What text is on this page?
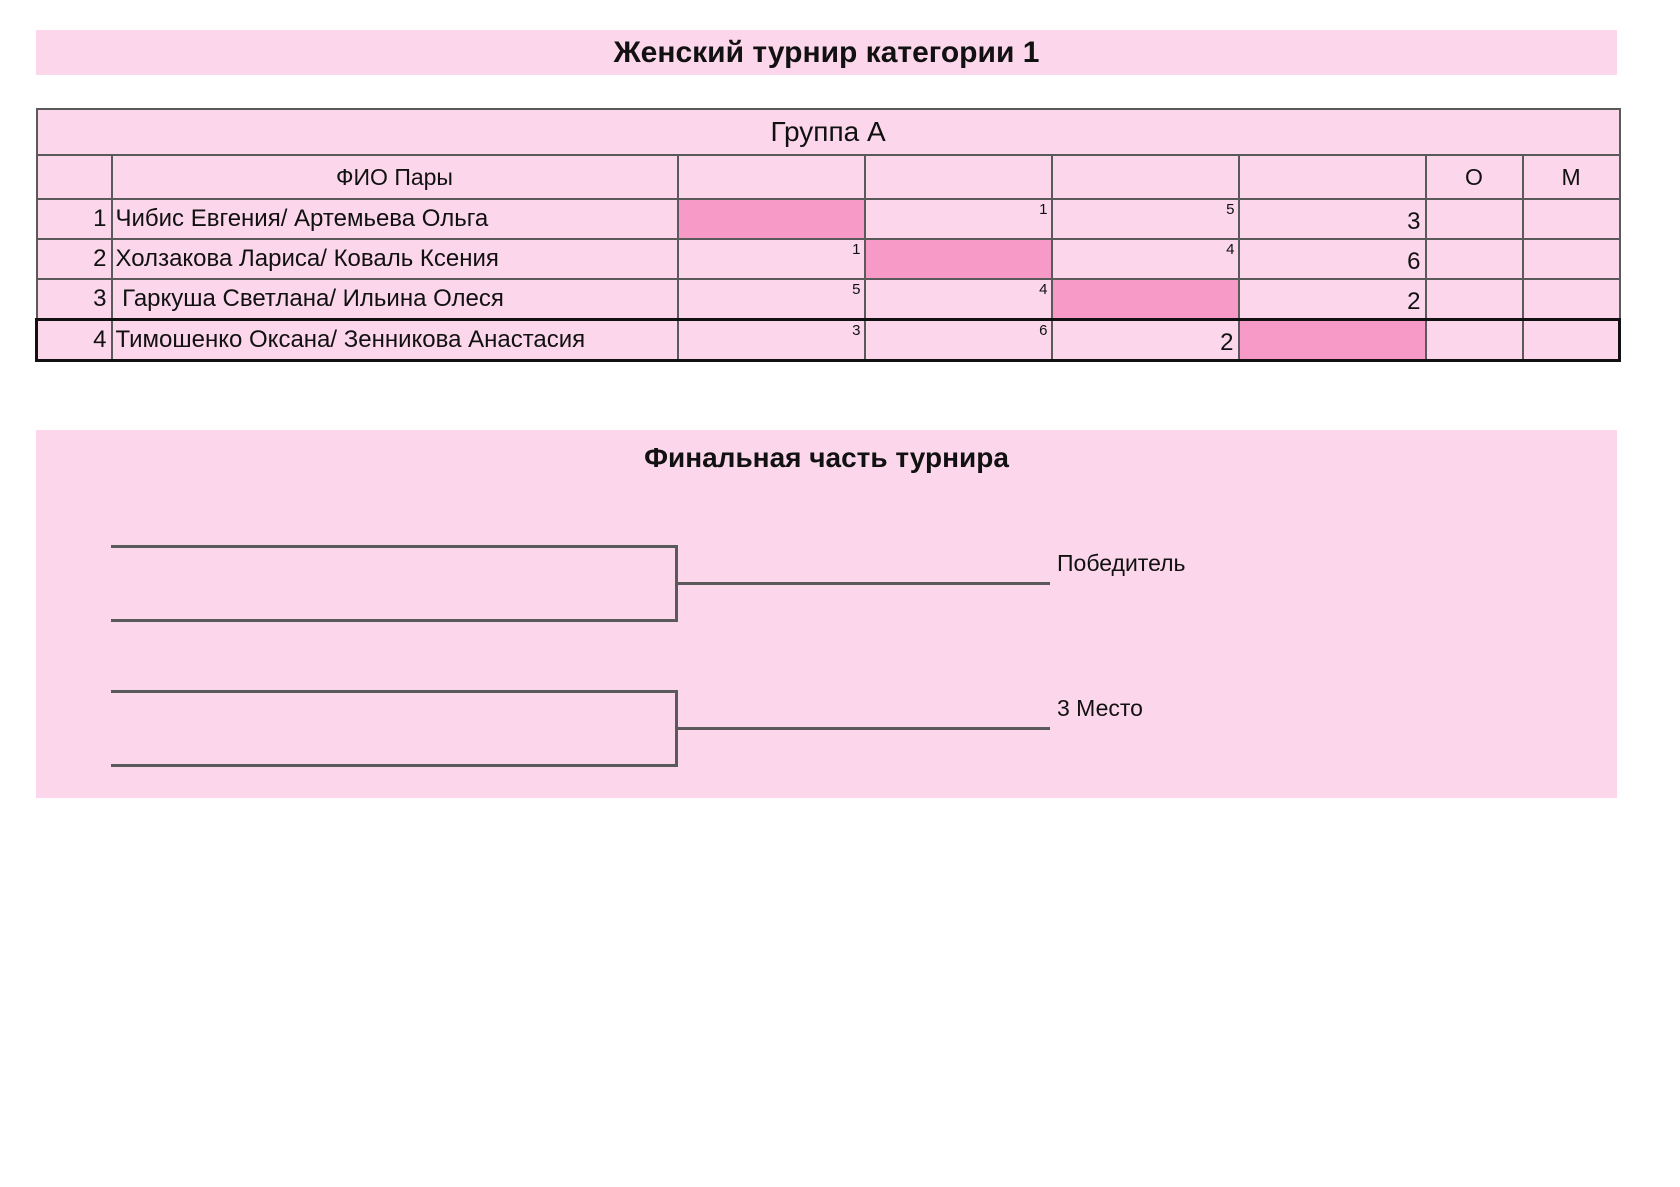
Женский турнир категории 1
Группа А							
	ФИО Пары					О	М
1	Чибис Евгения/ Артемьева Ольга		1	5	3		

2	Холзакова Лариса/ Коваль Ксения	1		4	6		

3	Гаркуша Светлана/ Ильина Олеся	5	4		2		

4	Тимошенко Оксана/ Зенникова Анастасия	3	6	2			

Финальная часть турнира
Победитель
3 Место
